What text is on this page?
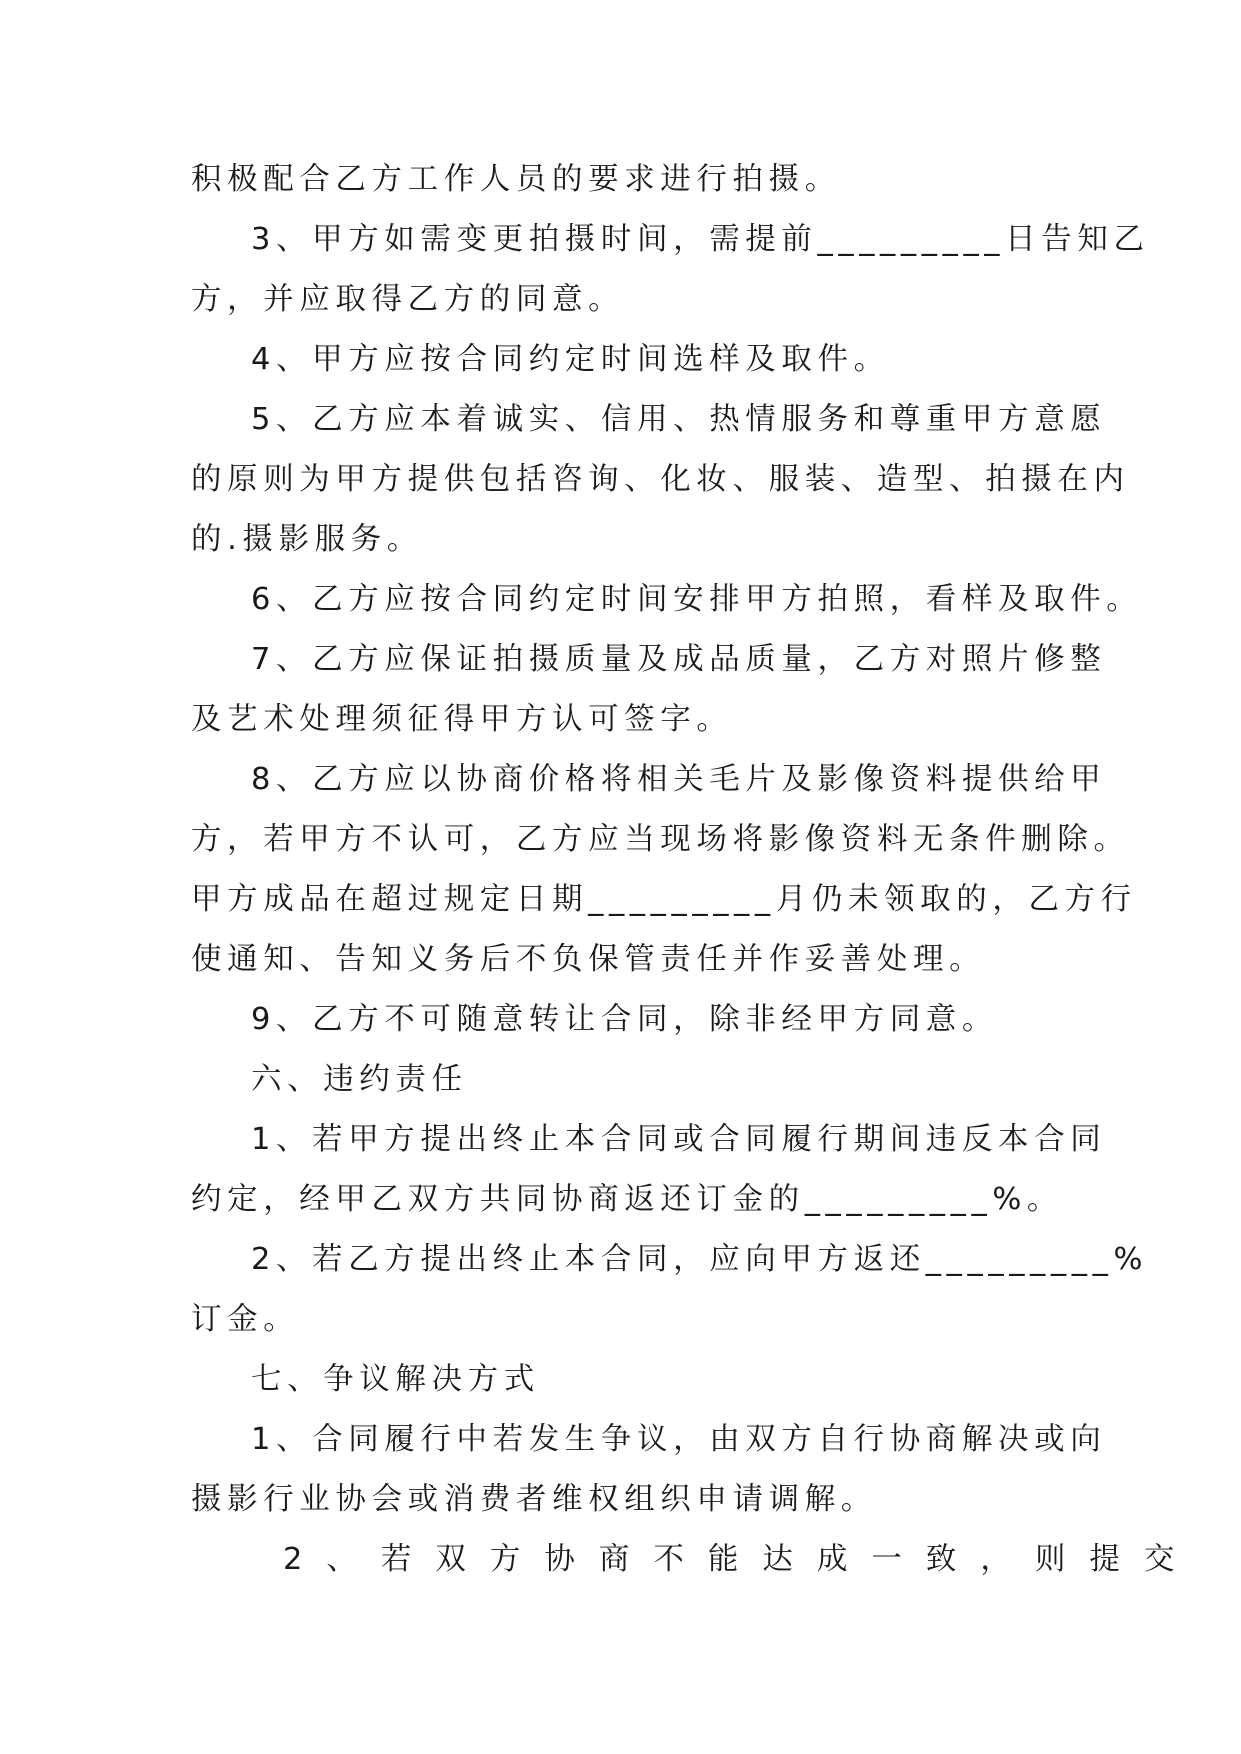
积极配合乙方工作人员的要求进行拍摄。
3、甲方如需变更拍摄时间，需提前_________日告知乙
方，并应取得乙方的同意。
4、甲方应按合同约定时间选样及取件。
5、乙方应本着诚实、信用、热情服务和尊重甲方意愿
的原则为甲方提供包括咨询、化妆、服装、造型、拍摄在内
的.摄影服务。
6、乙方应按合同约定时间安排甲方拍照，看样及取件。
7、乙方应保证拍摄质量及成品质量，乙方对照片修整
及艺术处理须征得甲方认可签字。
8、乙方应以协商价格将相关毛片及影像资料提供给甲
方，若甲方不认可，乙方应当现场将影像资料无条件删除。
甲方成品在超过规定日期_________月仍未领取的，乙方行
使通知、告知义务后不负保管责任并作妥善处理。
9、乙方不可随意转让合同，除非经甲方同意。
六、违约责任
1、若甲方提出终止本合同或合同履行期间违反本合同
约定，经甲乙双方共同协商返还订金的_________%。
2、若乙方提出终止本合同，应向甲方返还_________%
订金。
七、争议解决方式
1、合同履行中若发生争议，由双方自行协商解决或向
摄影行业协会或消费者维权组织申请调解。
2、若双方协商不能达成一致，则提交
